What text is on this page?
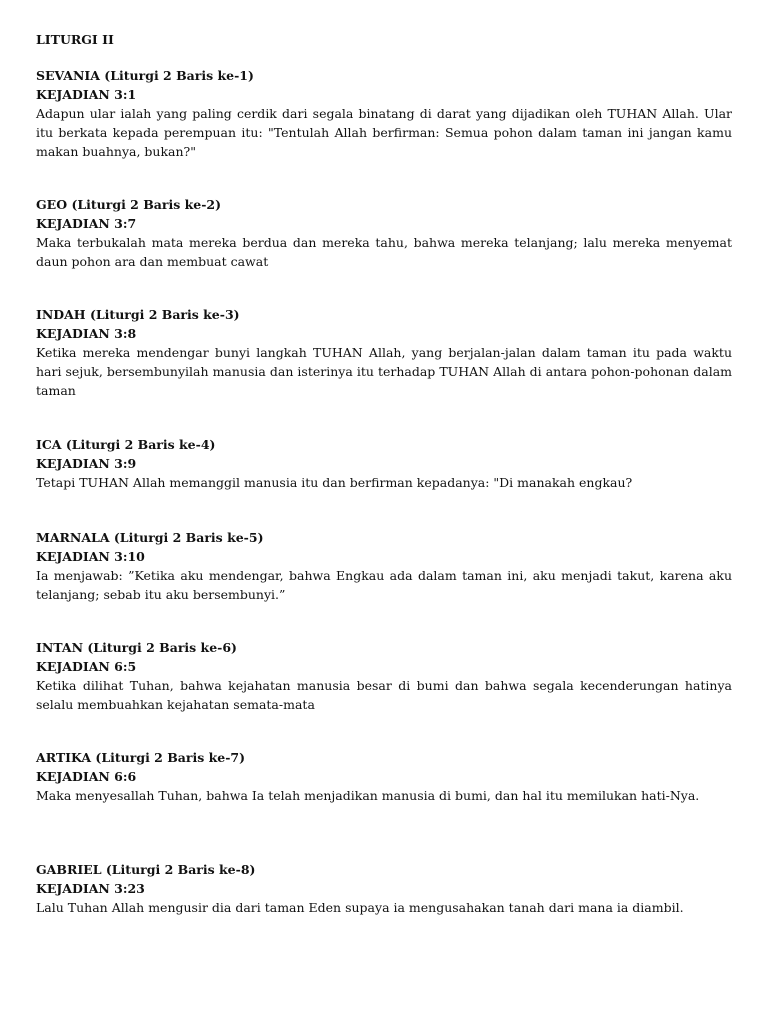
LITURGI II

SEVANIA (Liturgi 2 Baris ke-1)

KEJADIAN 3:1

Adapun ular ialah yang paling cerdik dari segala binatang di darat yang dijadikan oleh TUHAN Allah. Ular itu berkata kepada perempuan itu: "Tentulah Allah berfirman: Semua pohon dalam taman ini jangan kamu makan buahnya, bukan?"

GEO (Liturgi 2 Baris ke-2)

KEJADIAN 3:7

Maka terbukalah mata mereka berdua dan mereka tahu, bahwa mereka telanjang; lalu mereka menyemat daun pohon ara dan membuat cawat

INDAH (Liturgi 2 Baris ke-3)

KEJADIAN 3:8

Ketika mereka mendengar bunyi langkah TUHAN Allah, yang berjalan-jalan dalam taman itu pada waktu hari sejuk, bersembunyilah manusia dan isterinya itu terhadap TUHAN Allah di antara pohon-pohonan dalam taman

ICA (Liturgi 2 Baris ke-4)

KEJADIAN 3:9

Tetapi TUHAN Allah memanggil manusia itu dan berfirman kepadanya: "Di manakah engkau?

MARNALA (Liturgi 2 Baris ke-5)

KEJADIAN 3:10

Ia menjawab: ”Ketika aku mendengar, bahwa Engkau ada dalam taman ini, aku menjadi takut, karena aku telanjang; sebab itu aku bersembunyi.”

INTAN (Liturgi 2 Baris ke-6)

KEJADIAN 6:5

Ketika dilihat Tuhan, bahwa kejahatan manusia besar di bumi dan bahwa segala kecenderungan hatinya selalu membuahkan kejahatan semata-mata

ARTIKA (Liturgi 2 Baris ke-7)

KEJADIAN 6:6

Maka menyesallah Tuhan, bahwa Ia telah menjadikan manusia di bumi, dan hal itu memilukan hati-Nya.

GABRIEL (Liturgi 2 Baris ke-8)

KEJADIAN 3:23

Lalu Tuhan Allah mengusir dia dari taman Eden supaya ia mengusahakan tanah dari mana ia diambil.
